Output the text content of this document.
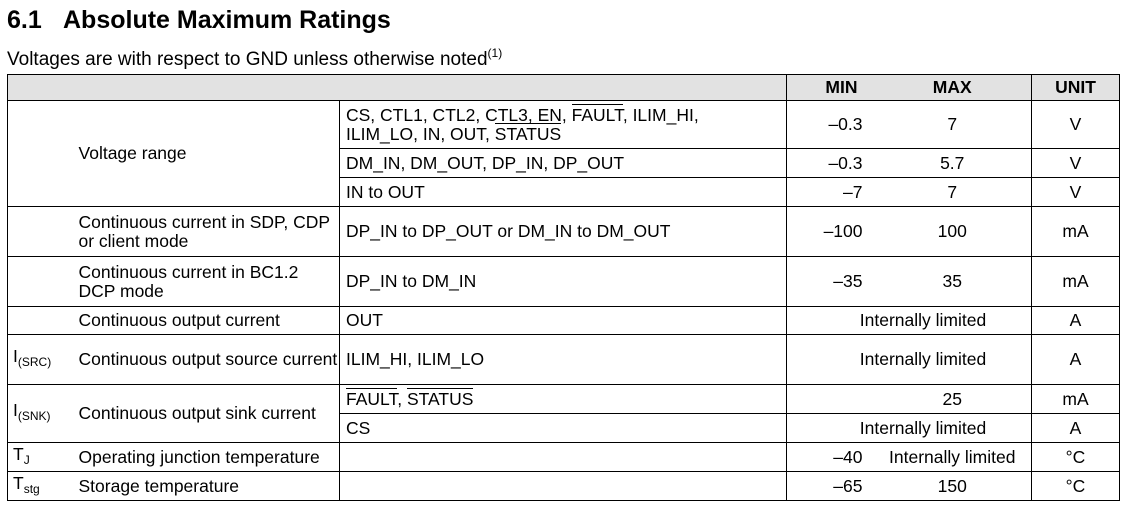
6.1 Absolute Maximum Ratings
Voltages are with respect to GND unless otherwise noted$^{(1)}$
			MIN	MAX	UNIT
	Voltage range	CS, CTL1, CTL2, CTL3, EN, FAULT, ILIM_HI,
ILIM_LO, IN, OUT, STATUS	–0.3	7	V
		DM_IN, DM_OUT, DP_IN, DP_OUT	–0.3	5.7	V
		IN to OUT	–7	7	V
	Continuous current in SDP, CDP or client mode	DP_IN to DP_OUT or DM_IN to DM_OUT	–100	100	mA
	Continuous current in BC1.2 DCP mode	DP_IN to DM_IN	–35	35	mA
	Continuous output current	OUT	Internally limited		A
$I_{(SRC)}$	Continuous output source current	ILIM_HI, ILIM_LO	Internally limited		A
$I_{(SNK)}$	Continuous output sink current	FAULT, STATUS		25	mA
		CS	Internally limited		A
$T_J$	Operating junction temperature		–40	Internally limited	°C
$T_{stg}$	Storage temperature		–65	150	°C
